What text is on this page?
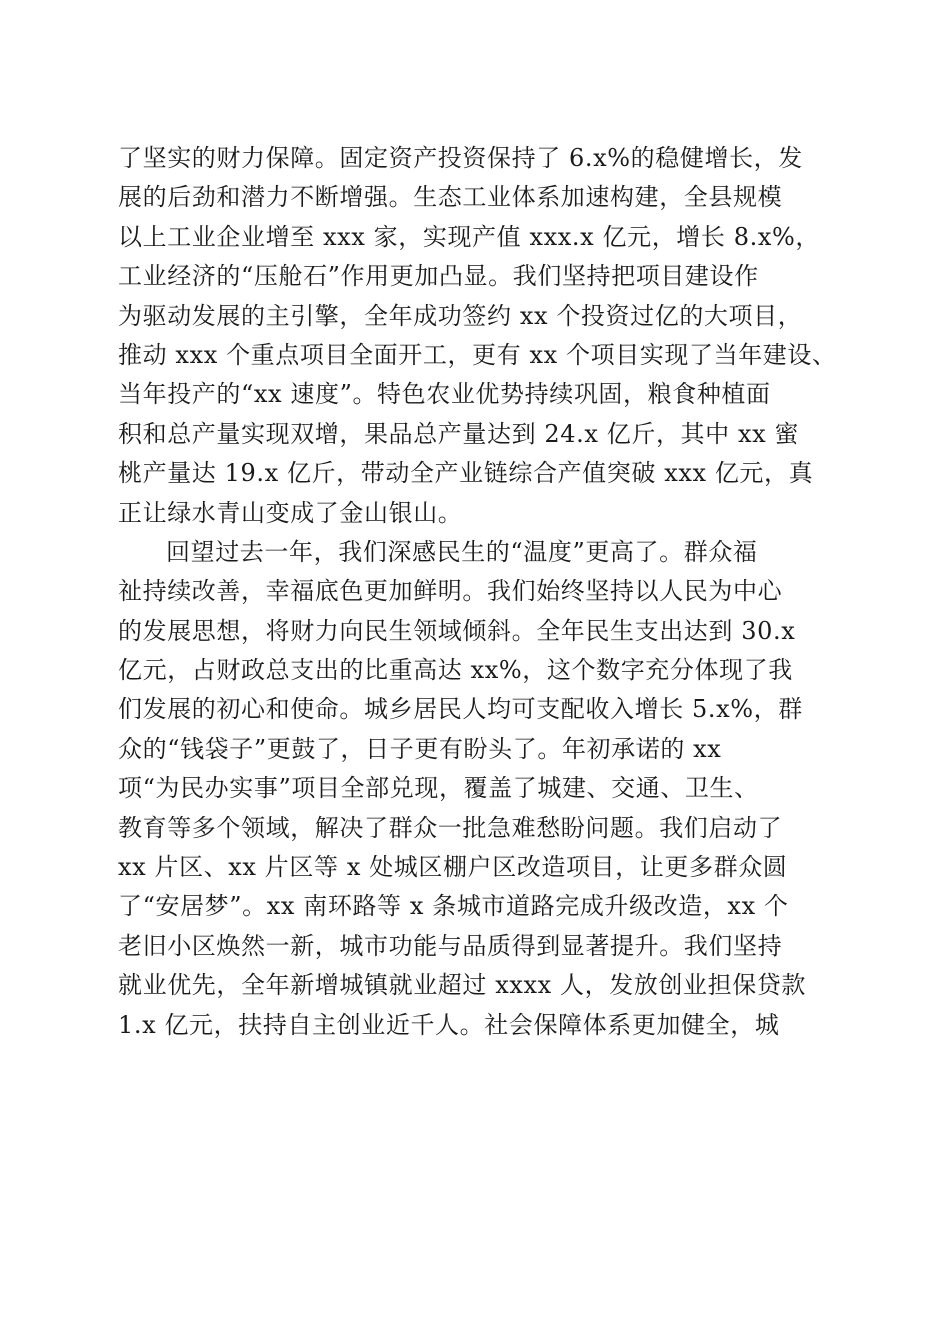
了坚实的财力保障。固定资产投资保持了 6.x%的稳健增长，发
展的后劲和潜力不断增强。生态工业体系加速构建，全县规模
以上工业企业增至 xxx 家，实现产值 xxx.x 亿元，增长 8.x%，
工业经济的“压舱石”作用更加凸显。我们坚持把项目建设作
为驱动发展的主引擎，全年成功签约 xx 个投资过亿的大项目，
推动 xxx 个重点项目全面开工，更有 xx 个项目实现了当年建设、
当年投产的“xx 速度”。特色农业优势持续巩固，粮食种植面
积和总产量实现双增，果品总产量达到 24.x 亿斤，其中 xx 蜜
桃产量达 19.x 亿斤，带动全产业链综合产值突破 xxx 亿元，真
正让绿水青山变成了金山银山。
回望过去一年，我们深感民生的“温度”更高了。群众福
祉持续改善，幸福底色更加鲜明。我们始终坚持以人民为中心
的发展思想，将财力向民生领域倾斜。全年民生支出达到 30.x
亿元，占财政总支出的比重高达 xx%，这个数字充分体现了我
们发展的初心和使命。城乡居民人均可支配收入增长 5.x%，群
众的“钱袋子”更鼓了，日子更有盼头了。年初承诺的 xx
项“为民办实事”项目全部兑现，覆盖了城建、交通、卫生、
教育等多个领域，解决了群众一批急难愁盼问题。我们启动了
xx 片区、xx 片区等 x 处城区棚户区改造项目，让更多群众圆
了“安居梦”。xx 南环路等 x 条城市道路完成升级改造，xx 个
老旧小区焕然一新，城市功能与品质得到显著提升。我们坚持
就业优先，全年新增城镇就业超过 xxxx 人，发放创业担保贷款
1.x 亿元，扶持自主创业近千人。社会保障体系更加健全，城
